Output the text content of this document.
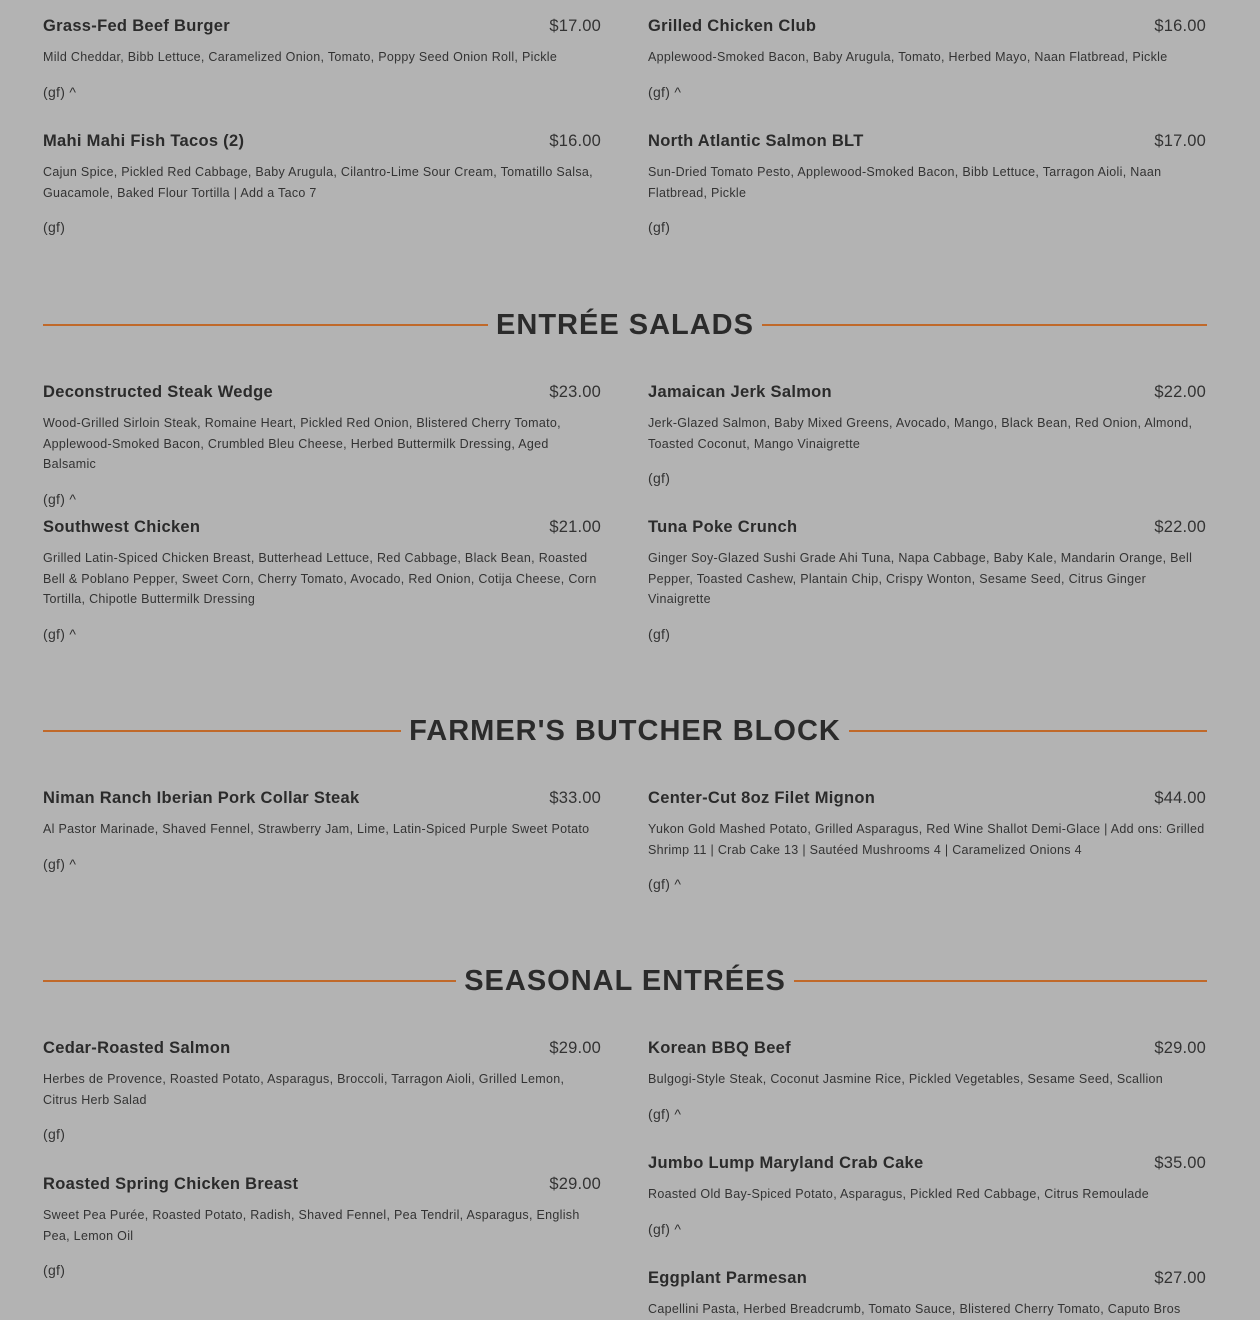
Grass-Fed Beef Burger	$17.00
Mild Cheddar, Bibb Lettuce, Caramelized Onion, Tomato, Poppy Seed Onion Roll, Pickle
(gf) ^
Mahi Mahi Fish Tacos (2)	$16.00
Cajun Spice, Pickled Red Cabbage, Baby Arugula, Cilantro-Lime Sour Cream, Tomatillo Salsa, Guacamole, Baked Flour Tortilla | Add a Taco 7
(gf)
Grilled Chicken Club	$16.00
Applewood-Smoked Bacon, Baby Arugula, Tomato, Herbed Mayo, Naan Flatbread, Pickle
(gf) ^
North Atlantic Salmon BLT	$17.00
Sun-Dried Tomato Pesto, Applewood-Smoked Bacon, Bibb Lettuce, Tarragon Aioli, Naan Flatbread, Pickle
(gf)
ENTRÉE SALADS
Deconstructed Steak Wedge	$23.00
Wood-Grilled Sirloin Steak, Romaine Heart, Pickled Red Onion, Blistered Cherry Tomato, Applewood-Smoked Bacon, Crumbled Bleu Cheese, Herbed Buttermilk Dressing, Aged Balsamic
(gf) ^
Southwest Chicken	$21.00
Grilled Latin-Spiced Chicken Breast, Butterhead Lettuce, Red Cabbage, Black Bean, Roasted Bell & Poblano Pepper, Sweet Corn, Cherry Tomato, Avocado, Red Onion, Cotija Cheese, Corn Tortilla, Chipotle Buttermilk Dressing
(gf) ^
Jamaican Jerk Salmon	$22.00
Jerk-Glazed Salmon, Baby Mixed Greens, Avocado, Mango, Black Bean, Red Onion, Almond, Toasted Coconut, Mango Vinaigrette
(gf)
Tuna Poke Crunch	$22.00
Ginger Soy-Glazed Sushi Grade Ahi Tuna, Napa Cabbage, Baby Kale, Mandarin Orange, Bell Pepper, Toasted Cashew, Plantain Chip, Crispy Wonton, Sesame Seed, Citrus Ginger Vinaigrette
(gf)
FARMER'S BUTCHER BLOCK
Niman Ranch Iberian Pork Collar Steak	$33.00
Al Pastor Marinade, Shaved Fennel, Strawberry Jam, Lime, Latin-Spiced Purple Sweet Potato
(gf) ^
Center-Cut 8oz Filet Mignon	$44.00
Yukon Gold Mashed Potato, Grilled Asparagus, Red Wine Shallot Demi-Glace | Add ons: Grilled Shrimp 11 | Crab Cake 13 | Sautéed Mushrooms 4 | Caramelized Onions 4
(gf) ^
SEASONAL ENTRÉES
Cedar-Roasted Salmon	$29.00
Herbes de Provence, Roasted Potato, Asparagus, Broccoli, Tarragon Aioli, Grilled Lemon, Citrus Herb Salad
(gf)
Roasted Spring Chicken Breast	$29.00
Sweet Pea Purée, Roasted Potato, Radish, Shaved Fennel, Pea Tendril, Asparagus, English Pea, Lemon Oil
(gf)
Korean BBQ Beef	$29.00
Bulgogi-Style Steak, Coconut Jasmine Rice, Pickled Vegetables, Sesame Seed, Scallion
(gf) ^
Jumbo Lump Maryland Crab Cake	$35.00
Roasted Old Bay-Spiced Potato, Asparagus, Pickled Red Cabbage, Citrus Remoulade
(gf) ^
Eggplant Parmesan	$27.00
Capellini Pasta, Herbed Breadcrumb, Tomato Sauce, Blistered Cherry Tomato, Caputo Bros
